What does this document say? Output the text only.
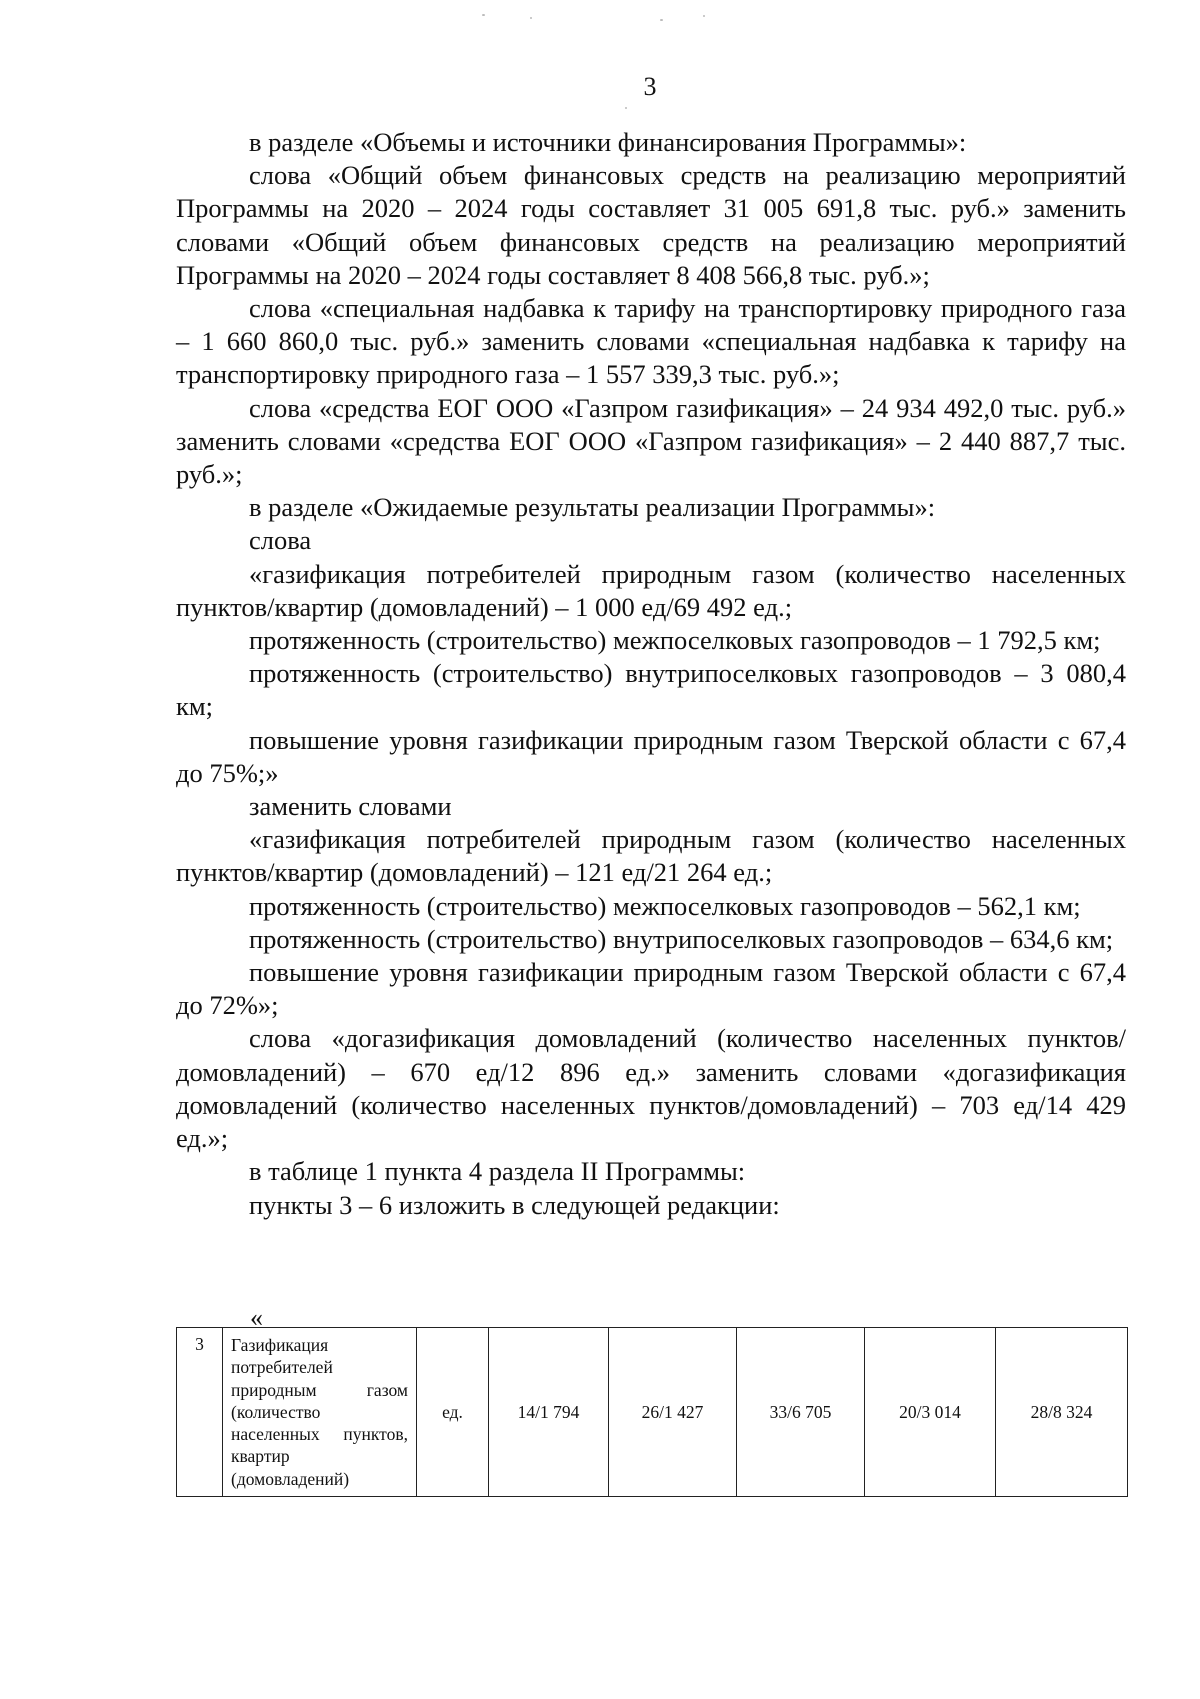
3

в разделе «Объемы и источники финансирования Программы»:

слова «Общий объем финансовых средств на реализацию мероприятий Программы на 2020 – 2024 годы составляет 31 005 691,8 тыс. руб.» заменить словами «Общий объем финансовых средств на реализацию мероприятий Программы на 2020 – 2024 годы составляет 8 408 566,8 тыс. руб.»;

слова «специальная надбавка к тарифу на транспортировку природного газа – 1 660 860,0 тыс. руб.» заменить словами «специальная надбавка к тарифу на транспортировку природного газа – 1 557 339,3 тыс. руб.»;

слова «средства ЕОГ ООО «Газпром газификация» – 24 934 492,0 тыс. руб.» заменить словами «средства ЕОГ ООО «Газпром газификация» – 2 440 887,7 тыс. руб.»;

в разделе «Ожидаемые результаты реализации Программы»:

слова

«газификация потребителей природным газом (количество населенных пунктов/квартир (домовладений) – 1 000 ед/69 492 ед.;

протяженность (строительство) межпоселковых газопроводов – 1 792,5 км;

протяженность (строительство) внутрипоселковых газопроводов – 3 080,4 км;

повышение уровня газификации природным газом Тверской области с 67,4 до 75%;»

заменить словами

«газификация потребителей природным газом (количество населенных пунктов/квартир (домовладений) – 121 ед/21 264 ед.;

протяженность (строительство) межпоселковых газопроводов – 562,1 км;

протяженность (строительство) внутрипоселковых газопроводов – 634,6 км;

повышение уровня газификации природным газом Тверской области с 67,4 до 72%»;

слова «догазификация домовладений (количество населенных пунктов/домовладений) – 670 ед/12 896 ед.» заменить словами «догазификация домовладений (количество населенных пунктов/домовладений) – 703 ед/14 429 ед.»;

в таблице 1 пункта 4 раздела II Программы:

пункты 3 – 6 изложить в следующей редакции:

«
3	Газификация потребителей природным газом (количество населенных пунктов, квартир (домовладений)	ед.	14/1 794	26/1 427	33/6 705	20/3 014	28/8 324
